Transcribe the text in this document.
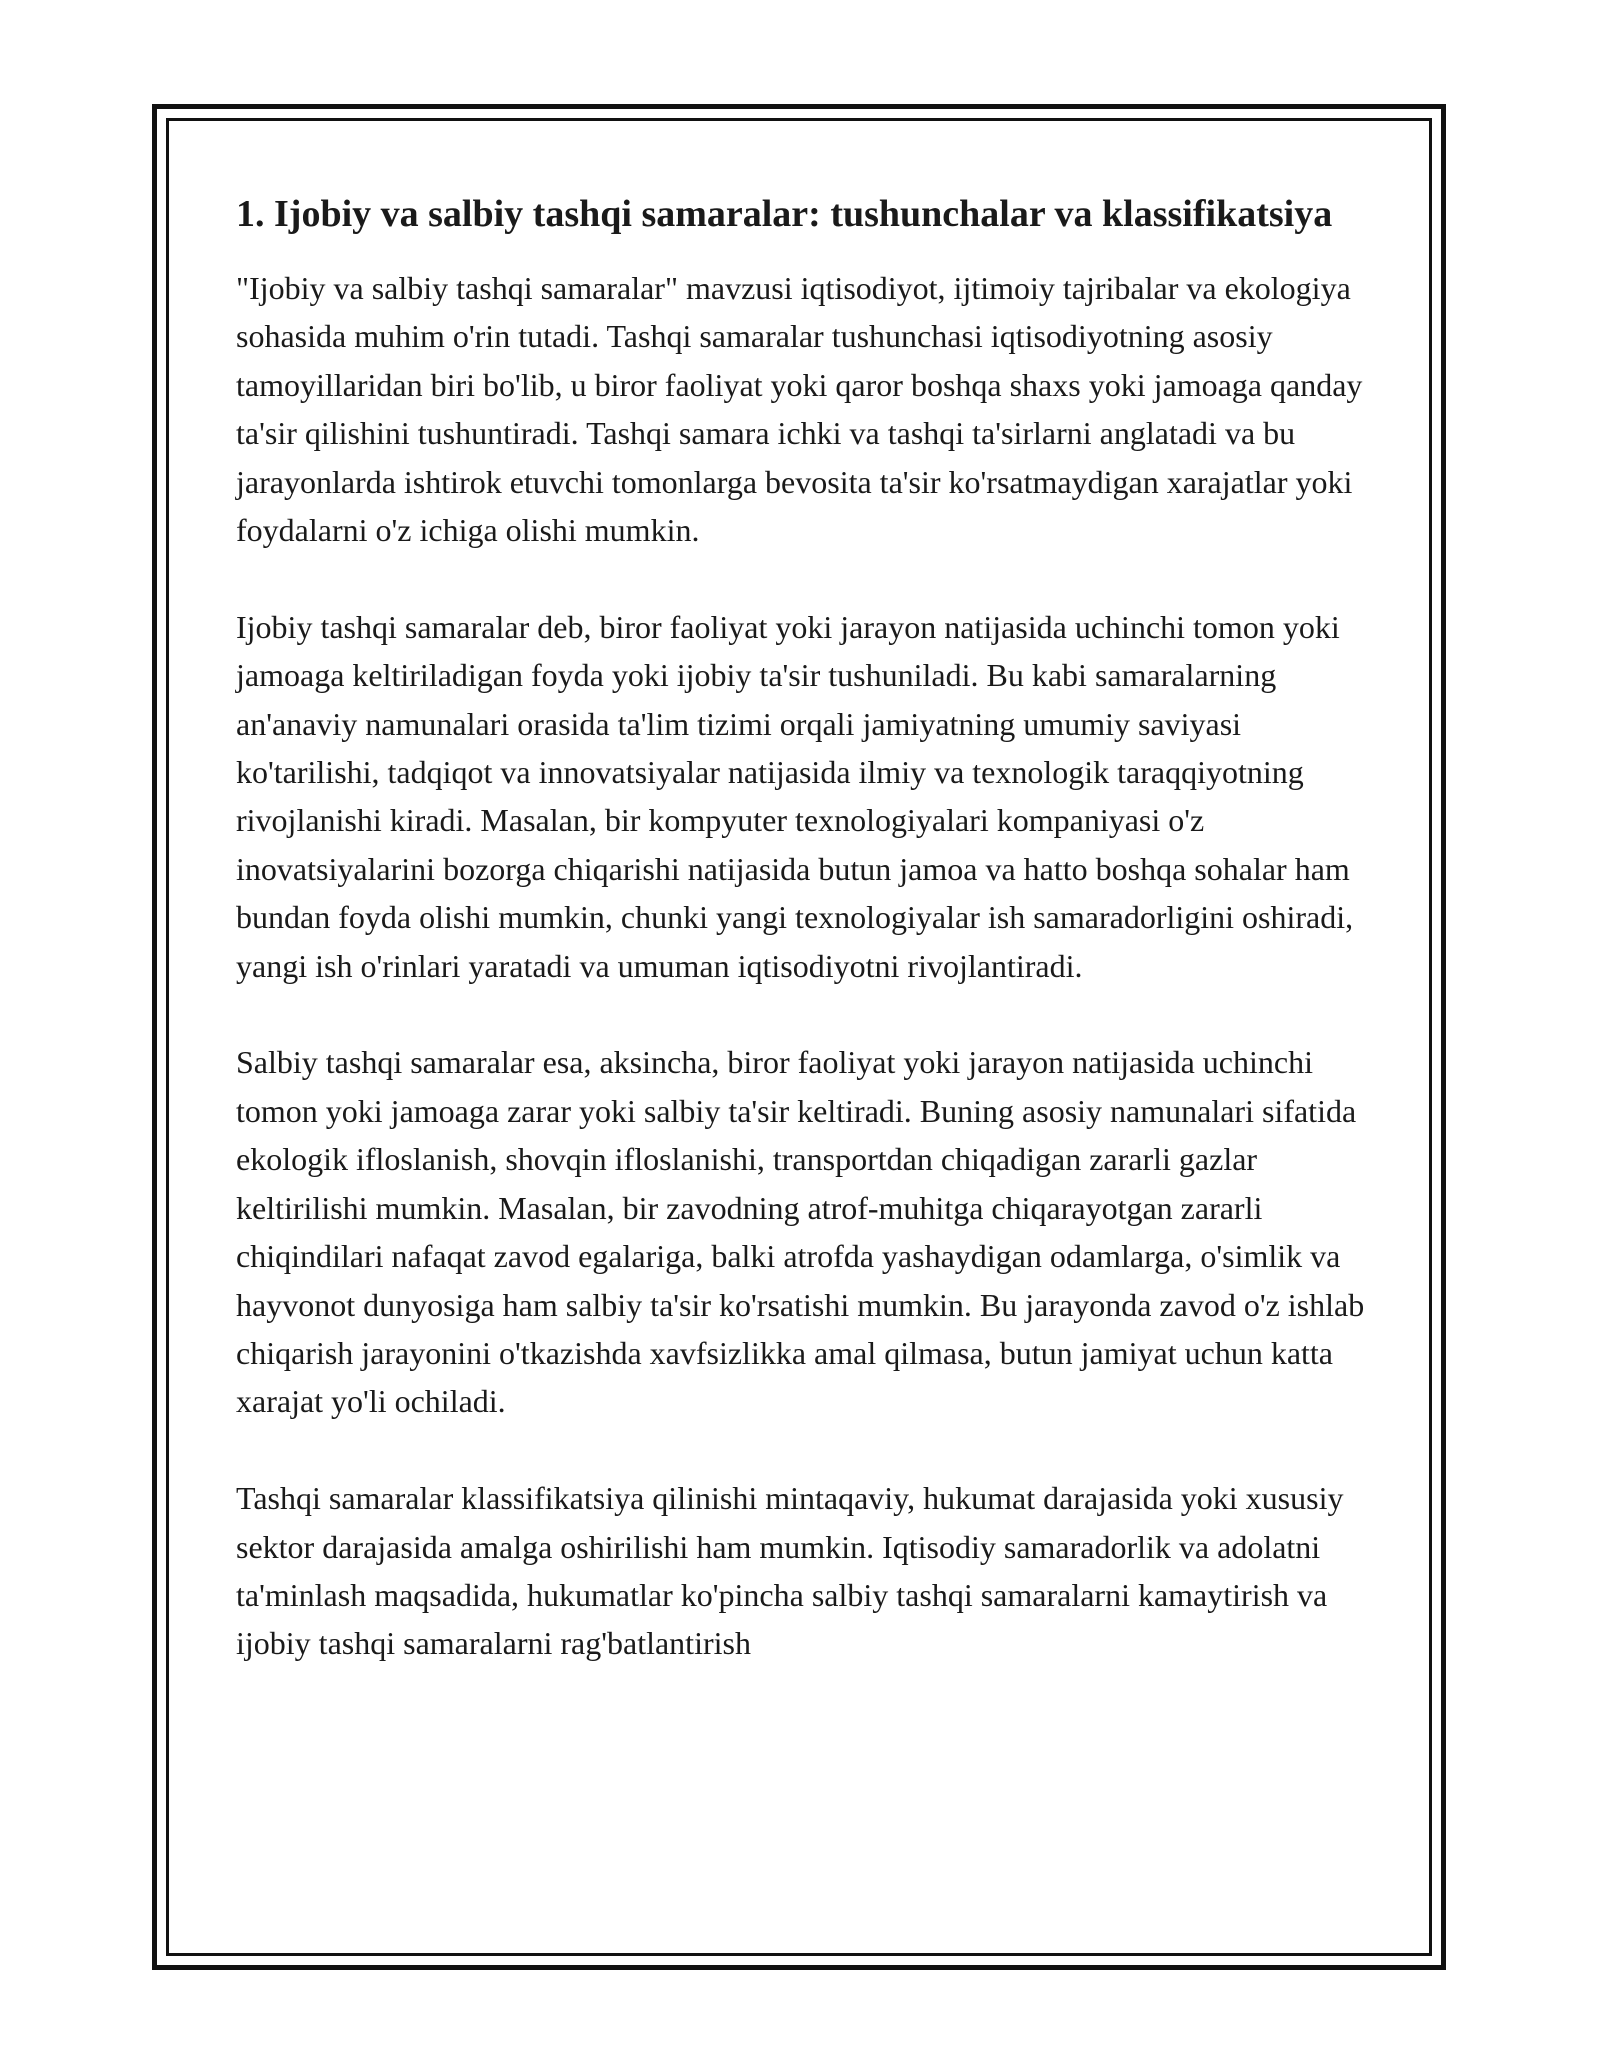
1. Ijobiy va salbiy tashqi samaralar: tushunchalar va klassifikatsiya

"Ijobiy va salbiy tashqi samaralar" mavzusi iqtisodiyot, ijtimoiy tajribalar va ekologiya sohasida muhim o'rin tutadi. Tashqi samaralar tushunchasi iqtisodiyotning asosiy tamoyillaridan biri bo'lib, u biror faoliyat yoki qaror boshqa shaxs yoki jamoaga qanday ta'sir qilishini tushuntiradi. Tashqi samara ichki va tashqi ta'sirlarni anglatadi va bu jarayonlarda ishtirok etuvchi tomonlarga bevosita ta'sir ko'rsatmaydigan xarajatlar yoki foydalarni o'z ichiga olishi mumkin.

Ijobiy tashqi samaralar deb, biror faoliyat yoki jarayon natijasida uchinchi tomon yoki jamoaga keltiriladigan foyda yoki ijobiy ta'sir tushuniladi. Bu kabi samaralarning an'anaviy namunalari orasida ta'lim tizimi orqali jamiyatning umumiy saviyasi ko'tarilishi, tadqiqot va innovatsiyalar natijasida ilmiy va texnologik taraqqiyotning rivojlanishi kiradi. Masalan, bir kompyuter texnologiyalari kompaniyasi o'z inovatsiyalarini bozorga chiqarishi natijasida butun jamoa va hatto boshqa sohalar ham bundan foyda olishi mumkin, chunki yangi texnologiyalar ish samaradorligini oshiradi, yangi ish o'rinlari yaratadi va umuman iqtisodiyotni rivojlantiradi.

Salbiy tashqi samaralar esa, aksincha, biror faoliyat yoki jarayon natijasida uchinchi tomon yoki jamoaga zarar yoki salbiy ta'sir keltiradi. Buning asosiy namunalari sifatida ekologik ifloslanish, shovqin ifloslanishi, transportdan chiqadigan zararli gazlar keltirilishi mumkin. Masalan, bir zavodning atrof-muhitga chiqarayotgan zararli chiqindilari nafaqat zavod egalariga, balki atrofda yashaydigan odamlarga, o'simlik va hayvonot dunyosiga ham salbiy ta'sir ko'rsatishi mumkin. Bu jarayonda zavod o'z ishlab chiqarish jarayonini o'tkazishda xavfsizlikka amal qilmasa, butun jamiyat uchun katta xarajat yo'li ochiladi.

Tashqi samaralar klassifikatsiya qilinishi mintaqaviy, hukumat darajasida yoki xususiy sektor darajasida amalga oshirilishi ham mumkin. Iqtisodiy samaradorlik va adolatni ta'minlash maqsadida, hukumatlar ko'pincha salbiy tashqi samaralarni kamaytirish va ijobiy tashqi samaralarni rag'batlantirish
